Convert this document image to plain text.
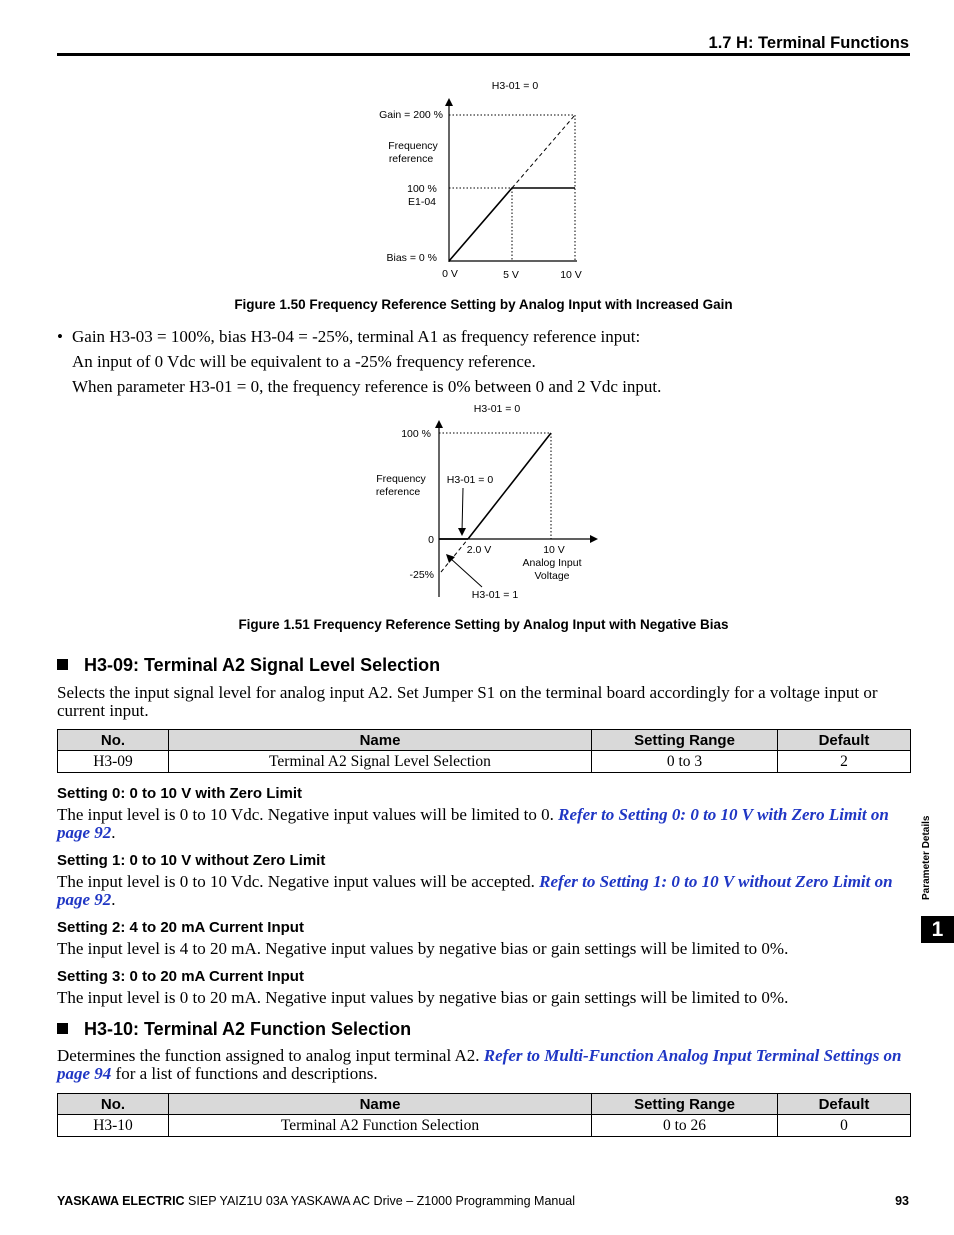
1.7 H: Terminal Functions
H3-01 = 0
Gain = 200 %
Frequency
reference
100 %
E1-04
Bias = 0 %
0 V	5 V	10 V
Figure 1.50 Frequency Reference Setting by Analog Input with Increased Gain
• Gain H3-03 = 100%, bias H3-04 = -25%, terminal A1 as frequency reference input:
An input of 0 Vdc will be equivalent to a -25% frequency reference.
When parameter H3-01 = 0, the frequency reference is 0% between 0 and 2 Vdc input.
H3-01 = 0
100 %
Frequency
reference
H3-01 = 0
0
-25%
2.0 V	10 V
Analog Input
Voltage
H3-01 = 1
Figure 1.51 Frequency Reference Setting by Analog Input with Negative Bias
H3-09: Terminal A2 Signal Level Selection
Selects the input signal level for analog input A2. Set Jumper S1 on the terminal board accordingly for a voltage input or
current input.
No.	Name	Setting Range	Default
H3-09	Terminal A2 Signal Level Selection	0 to 3	2
Setting 0: 0 to 10 V with Zero Limit
The input level is 0 to 10 Vdc. Negative input values will be limited to 0. Refer to Setting 0: 0 to 10 V with Zero Limit on
page 92.
Setting 1: 0 to 10 V without Zero Limit
The input level is 0 to 10 Vdc. Negative input values will be accepted. Refer to Setting 1: 0 to 10 V without Zero Limit on
page 92.
Setting 2: 4 to 20 mA Current Input
The input level is 4 to 20 mA. Negative input values by negative bias or gain settings will be limited to 0%.
Setting 3: 0 to 20 mA Current Input
The input level is 0 to 20 mA. Negative input values by negative bias or gain settings will be limited to 0%.
H3-10: Terminal A2 Function Selection
Determines the function assigned to analog input terminal A2. Refer to Multi-Function Analog Input Terminal Settings on
page 94 for a list of functions and descriptions.
No.	Name	Setting Range	Default
H3-10	Terminal A2 Function Selection	0 to 26	0
Parameter Details
1
YASKAWA ELECTRIC SIEP YAIZ1U 03A YASKAWA AC Drive – Z1000 Programming Manual	93
